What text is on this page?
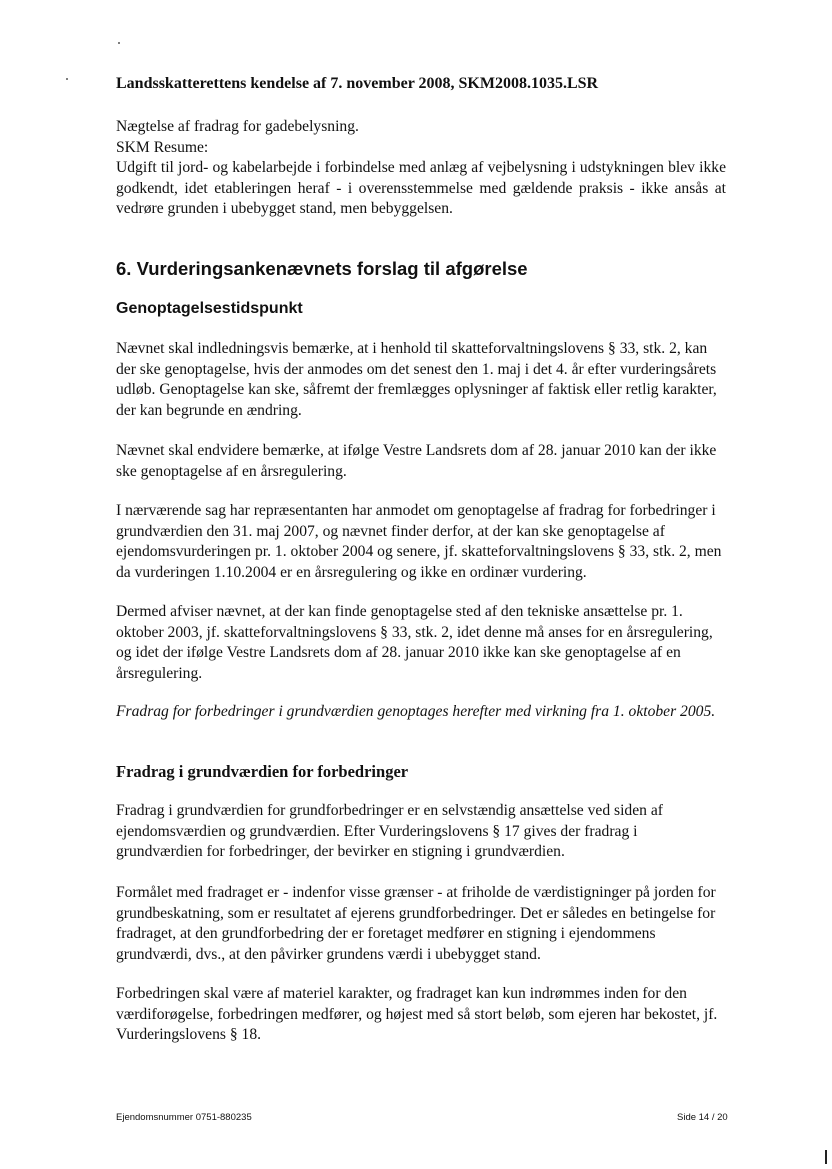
Landsskatterettens kendelse af 7. november 2008, SKM2008.1035.LSR

Nægtelse af fradrag for gadebelysning.

SKM Resume:

Udgift til jord- og kabelarbejde i forbindelse med anlæg af vejbelysning i udstykningen blev ikke godkendt, idet etableringen heraf - i overensstemmelse med gældende praksis - ikke ansås at vedrøre grunden i ubebygget stand, men bebyggelsen.

6. Vurderingsankenævnets forslag til afgørelse
Genoptagelsestidspunkt
Nævnet skal indledningsvis bemærke, at i henhold til skatteforvaltningslovens § 33, stk. 2, kan der ske genoptagelse, hvis der anmodes om det senest den 1. maj i det 4. år efter vurderingsårets udløb. Genoptagelse kan ske, såfremt der fremlægges oplysninger af faktisk eller retlig karakter, der kan begrunde en ændring.
Nævnet skal endvidere bemærke, at ifølge Vestre Landsrets dom af 28. januar 2010 kan der ikke ske genoptagelse af en årsregulering.
I nærværende sag har repræsentanten har anmodet om genoptagelse af fradrag for forbedringer i grundværdien den 31. maj 2007, og nævnet finder derfor, at der kan ske genoptagelse af ejendomsvurderingen pr. 1. oktober 2004 og senere, jf. skatteforvaltningslovens § 33, stk. 2, men da vurderingen 1.10.2004 er en årsregulering og ikke en ordinær vurdering.
Dermed afviser nævnet, at der kan finde genoptagelse sted af den tekniske ansættelse pr. 1. oktober 2003, jf. skatteforvaltningslovens § 33, stk. 2, idet denne må anses for en årsregulering, og idet der ifølge Vestre Landsrets dom af 28. januar 2010 ikke kan ske genoptagelse af en årsregulering.
Fradrag for forbedringer i grundværdien genoptages herefter med virkning fra 1. oktober 2005.
Fradrag i grundværdien for forbedringer
Fradrag i grundværdien for grundforbedringer er en selvstændig ansættelse ved siden af ejendomsværdien og grundværdien. Efter Vurderingslovens § 17 gives der fradrag i grundværdien for forbedringer, der bevirker en stigning i grundværdien.
Formålet med fradraget er - indenfor visse grænser - at friholde de værdistigninger på jorden for grundbeskatning, som er resultatet af ejerens grundforbedringer. Det er således en betingelse for fradraget, at den grundforbedring der er foretaget medfører en stigning i ejendommens grundværdi, dvs., at den påvirker grundens værdi i ubebygget stand.
Forbedringen skal være af materiel karakter, og fradraget kan kun indrømmes inden for den værdiforøgelse, forbedringen medfører, og højest med så stort beløb, som ejeren har bekostet, jf. Vurderingslovens § 18.
Ejendomsnummer 0751-880235	Side 14 / 20
